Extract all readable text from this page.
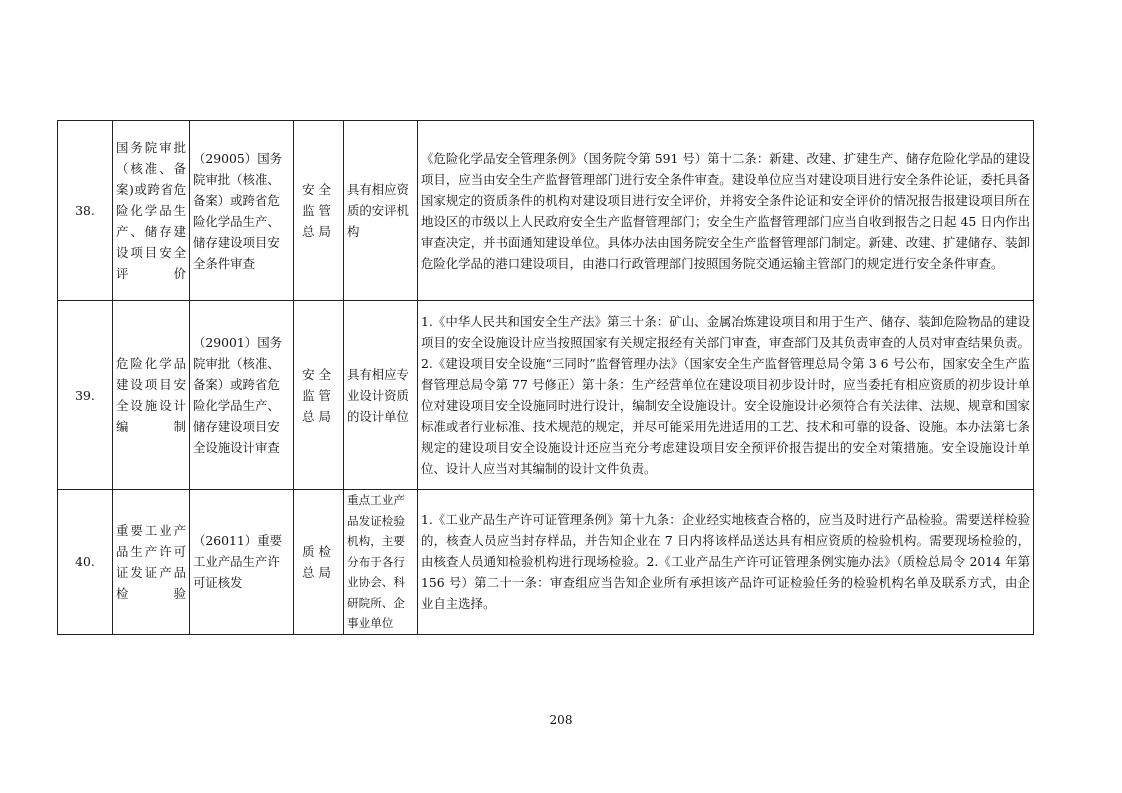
38.	国务院审批（核准、备案)或跨省危险化学品生产、储存建设项目安全评价	（29005）国务院审批（核准、备案）或跨省危险化学品生产、储存建设项目安全条件审查	安全监管总局	具有相应资质的安评机构	《危险化学品安全管理条例》（国务院令第 591 号）第十二条：新建、改建、扩建生产、储存危险化学品的建设项目，应当由安全生产监督管理部门进行安全条件审查。建设单位应当对建设项目进行安全条件论证，委托具备国家规定的资质条件的机构对建设项目进行安全评价，并将安全条件论证和安全评价的情况报告报建设项目所在地设区的市级以上人民政府安全生产监督管理部门；安全生产监督管理部门应当自收到报告之日起 45 日内作出审查决定，并书面通知建设单位。具体办法由国务院安全生产监督管理部门制定。新建、改建、扩建储存、装卸危险化学品的港口建设项目，由港口行政管理部门按照国务院交通运输主管部门的规定进行安全条件审查。
39.	危险化学品建设项目安全设施设计编制	（29001）国务院审批（核准、备案）或跨省危险化学品生产、储存建设项目安全设施设计审查	安全监管总局	具有相应专业设计资质的设计单位	1.《中华人民共和国安全生产法》第三十条：矿山、金属冶炼建设项目和用于生产、储存、装卸危险物品的建设项目的安全设施设计应当按照国家有关规定报经有关部门审查，审查部门及其负责审查的人员对审查结果负责。2.《建设项目安全设施“三同时”监督管理办法》（国家安全生产监督管理总局令第 3 6 号公布，国家安全生产监督管理总局令第 77 号修正）第十条：生产经营单位在建设项目初步设计时，应当委托有相应资质的初步设计单位对建设项目安全设施同时进行设计，编制安全设施设计。安全设施设计必须符合有关法律、法规、规章和国家标准或者行业标准、技术规范的规定，并尽可能采用先进适用的工艺、技术和可靠的设备、设施。本办法第七条规定的建设项目安全设施设计还应当充分考虑建设项目安全预评价报告提出的安全对策措施。安全设施设计单位、设计人应当对其编制的设计文件负责。
40.	重要工业产品生产许可证发证产品检验	（26011）重要工业产品生产许可证核发	质检总局	重点工业产品发证检验机构，主要分布于各行业协会、科研院所、企事业单位	1.《工业产品生产许可证管理条例》第十九条：企业经实地核查合格的，应当及时进行产品检验。需要送样检验的，核查人员应当封存样品，并告知企业在 7 日内将该样品送达具有相应资质的检验机构。需要现场检验的，由核查人员通知检验机构进行现场检验。2.《工业产品生产许可证管理条例实施办法》（质检总局令 2014 年第 156 号）第二十一条：审查组应当告知企业所有承担该产品许可证检验任务的检验机构名单及联系方式，由企业自主选择。
208
